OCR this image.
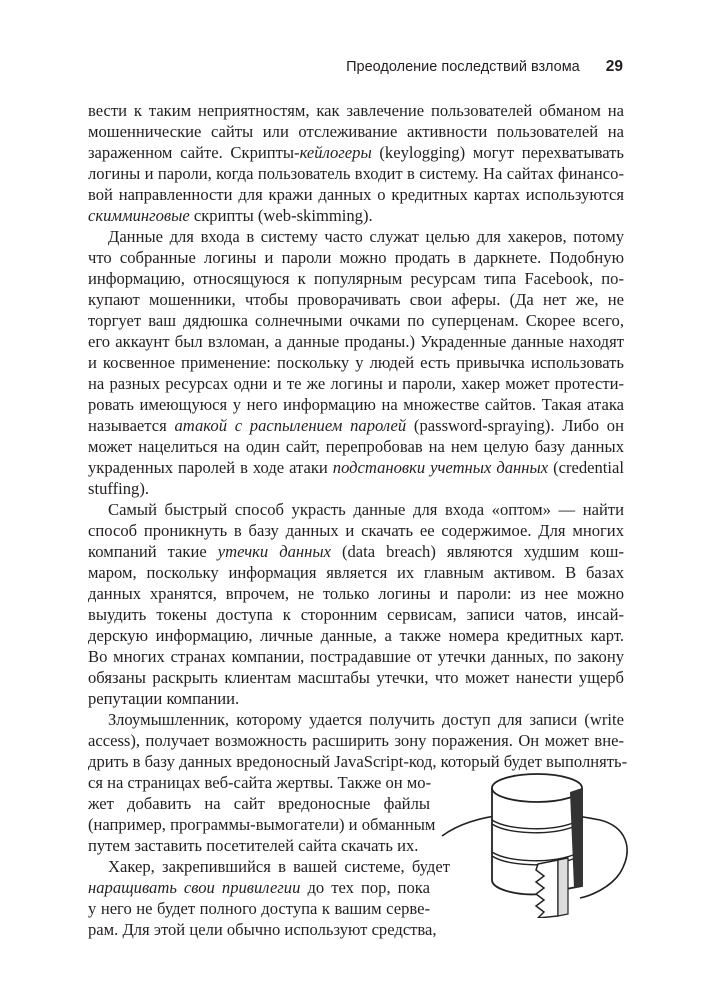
Преодоление последствий взлома 29
вести к таким неприятностям, как завлечение пользователей обманом на
мошеннические сайты или отслеживание активности пользователей на
зараженном сайте. Скрипты-кейлогеры (keylogging) могут перехватывать
логины и пароли, когда пользователь входит в систему. На сайтах финансо-
вой направленности для кражи данных о кредитных картах используются
скимминговые скрипты (web-skimming).
Данные для входа в систему часто служат целью для хакеров, потому
что собранные логины и пароли можно продать в даркнете. Подобную
информацию, относящуюся к популярным ресурсам типа Facebook, по-
купают мошенники, чтобы проворачивать свои аферы. (Да нет же, не
торгует ваш дядюшка солнечными очками по суперценам. Скорее всего,
его аккаунт был взломан, а данные проданы.) Украденные данные находят
и косвенное применение: поскольку у людей есть привычка использовать
на разных ресурсах одни и те же логины и пароли, хакер может протести-
ровать имеющуюся у него информацию на множестве сайтов. Такая атака
называется атакой с распылением паролей (password-spraying). Либо он
может нацелиться на один сайт, перепробовав на нем целую базу данных
украденных паролей в ходе атаки подстановки учетных данных (credential
stuffing).
Самый быстрый способ украсть данные для входа «оптом» — найти
способ проникнуть в базу данных и скачать ее содержимое. Для многих
компаний такие утечки данных (data breach) являются худшим кош-
маром, поскольку информация является их главным активом. В базах
данных хранятся, впрочем, не только логины и пароли: из нее можно
выудить токены доступа к сторонним сервисам, записи чатов, инсай-
дерскую информацию, личные данные, а также номера кредитных карт.
Во многих странах компании, пострадавшие от утечки данных, по закону
обязаны раскрыть клиентам масштабы утечки, что может нанести ущерб
репутации компании.
Злоумышленник, которому удается получить доступ для записи (write
access), получает возможность расширить зону поражения. Он может вне-
дрить в базу данных вредоносный JavaScript-код, который будет выполнять-
ся на страницах веб-сайта жертвы. Также он мо-
жет добавить на сайт вредоносные файлы
(например, программы-вымогатели) и обманным
путем заставить посетителей сайта скачать их.
Хакер, закрепившийся в вашей системе, будет
наращивать свои привилегии до тех пор, пока
у него не будет полного доступа к вашим серве-
рам. Для этой цели обычно используют средства,
